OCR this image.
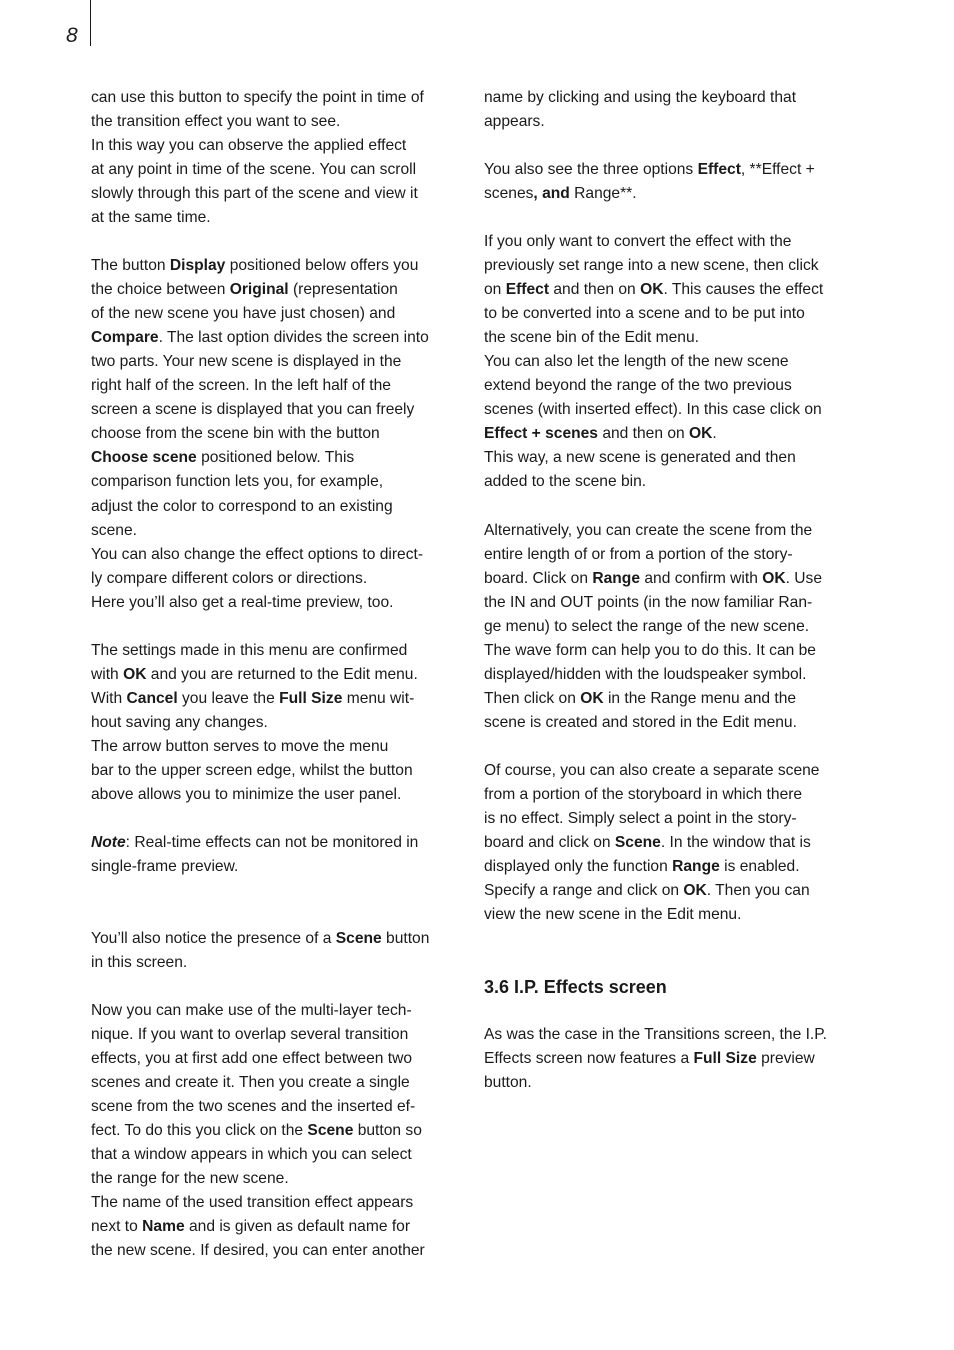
8
can use this button to specify the point in time of
the transition effect you want to see.
In this way you can observe the applied effect
at any point in time of the scene. You can scroll
slowly through this part of the scene and view it
at the same time.
The button Display positioned below offers you
the choice between Original (representation
of the new scene you have just chosen) and
Compare. The last option divides the screen into
two parts. Your new scene is displayed in the
right half of the screen. In the left half of the
screen a scene is displayed that you can freely
choose from the scene bin with the button
Choose scene positioned below. This
comparison function lets you, for example,
adjust the color to correspond to an existing
scene.
You can also change the effect options to direct-
ly compare different colors or directions.
Here you’ll also get a real-time preview, too.
The settings made in this menu are confirmed
with OK and you are returned to the Edit menu.
With Cancel you leave the Full Size menu wit-
hout saving any changes.
The arrow button serves to move the menu
bar to the upper screen edge, whilst the button
above allows you to minimize the user panel.
Note: Real-time effects can not be monitored in
single-frame preview.
You’ll also notice the presence of a Scene button
in this screen.
Now you can make use of the multi-layer tech-
nique. If you want to overlap several transition
effects, you at first add one effect between two
scenes and create it. Then you create a single
scene from the two scenes and the inserted ef-
fect. To do this you click on the Scene button so
that a window appears in which you can select
the range for the new scene.
The name of the used transition effect appears
next to Name and is given as default name for
the new scene. If desired, you can enter another
name by clicking and using the keyboard that
appears.
You also see the three options Effect, **Effect +
scenes, and Range**.
If you only want to convert the effect with the
previously set range into a new scene, then click
on Effect and then on OK. This causes the effect
to be converted into a scene and to be put into
the scene bin of the Edit menu.
You can also let the length of the new scene
extend beyond the range of the two previous
scenes (with inserted effect). In this case click on
Effect + scenes and then on OK.
This way, a new scene is generated and then
added to the scene bin.
Alternatively, you can create the scene from the
entire length of or from a portion of the story-
board. Click on Range and confirm with OK. Use
the IN and OUT points (in the now familiar Ran-
ge menu) to select the range of the new scene.
The wave form can help you to do this. It can be
displayed/hidden with the loudspeaker symbol.
Then click on OK in the Range menu and the
scene is created and stored in the Edit menu.
Of course, you can also create a separate scene
from a portion of the storyboard in which there
is no effect. Simply select a point in the story-
board and click on Scene. In the window that is
displayed only the function Range is enabled.
Specify a range and click on OK. Then you can
view the new scene in the Edit menu.
3.6 I.P. Effects screen
As was the case in the Transitions screen, the I.P.
Effects screen now features a Full Size preview
button.
